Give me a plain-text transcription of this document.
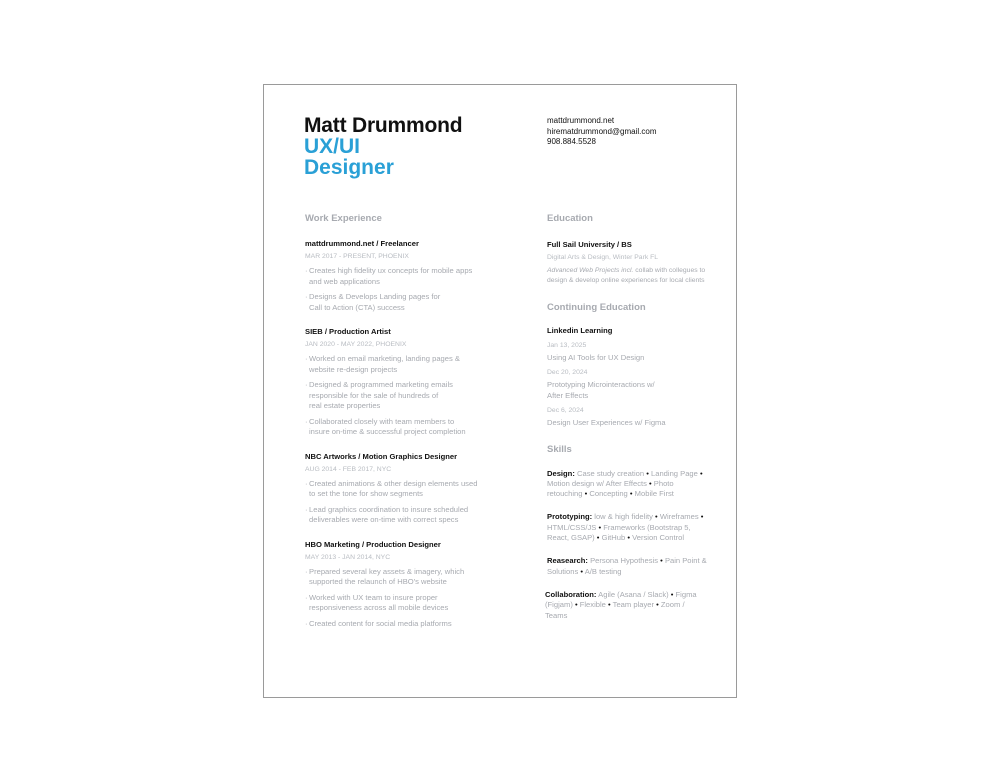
Matt Drummond
UX/UI
Designer
mattdrummond.net
hirematdrummond@gmail.com
908.884.5528
Work Experience
mattdrummond.net / Freelancer
MAR 2017 - PRESENT, PHOENIX
· Creates high fidelity ux concepts for mobile apps
and web applications
· Designs & Develops Landing pages for
Call to Action (CTA) success
SIEB / Production Artist
JAN 2020 - MAY 2022, PHOENIX
· Worked on email marketing, landing pages &
website re-design projects
· Designed & programmed marketing emails
responsible for the sale of hundreds of
real estate properties
· Collaborated closely with team members to
insure on-time & successful project completion
NBC Artworks / Motion Graphics Designer
AUG 2014 - FEB 2017, NYC
· Created animations & other design elements used
to set the tone for show segments
· Lead graphics coordination to insure scheduled
deliverables were on-time with correct specs
HBO Marketing / Production Designer
MAY 2013 - JAN 2014, NYC
· Prepared several key assets & imagery, which
supported the relaunch of HBO's website
· Worked with UX team to insure proper
responsiveness across all mobile devices
· Created content for social media platforms
Education
Full Sail University / BS
Digital Arts & Design, Winter Park FL
Advanced Web Projects incl. collab with collegues to design & develop online experiences for local clients
Continuing Education
Linkedin Learning
Jan 13, 2025
Using AI Tools for UX Design
Dec 20, 2024
Prototyping Microinteractions w/
After Effects
Dec 6, 2024
Design User Experiences w/ Figma
Skills
Design: Case study creation • Landing Page • Motion design w/ After Effects • Photo retouching • Concepting • Mobile First
Prototyping: low & high fidelity • Wireframes • HTML/CSS/JS • Frameworks (Bootstrap 5, React, GSAP) • GitHub • Version Control
Reasearch: Persona Hypothesis • Pain Point & Solutions • A/B testing
Collaboration: Agile (Asana / Slack) • Figma (Figjam) • Flexible • Team player • Zoom / Teams
